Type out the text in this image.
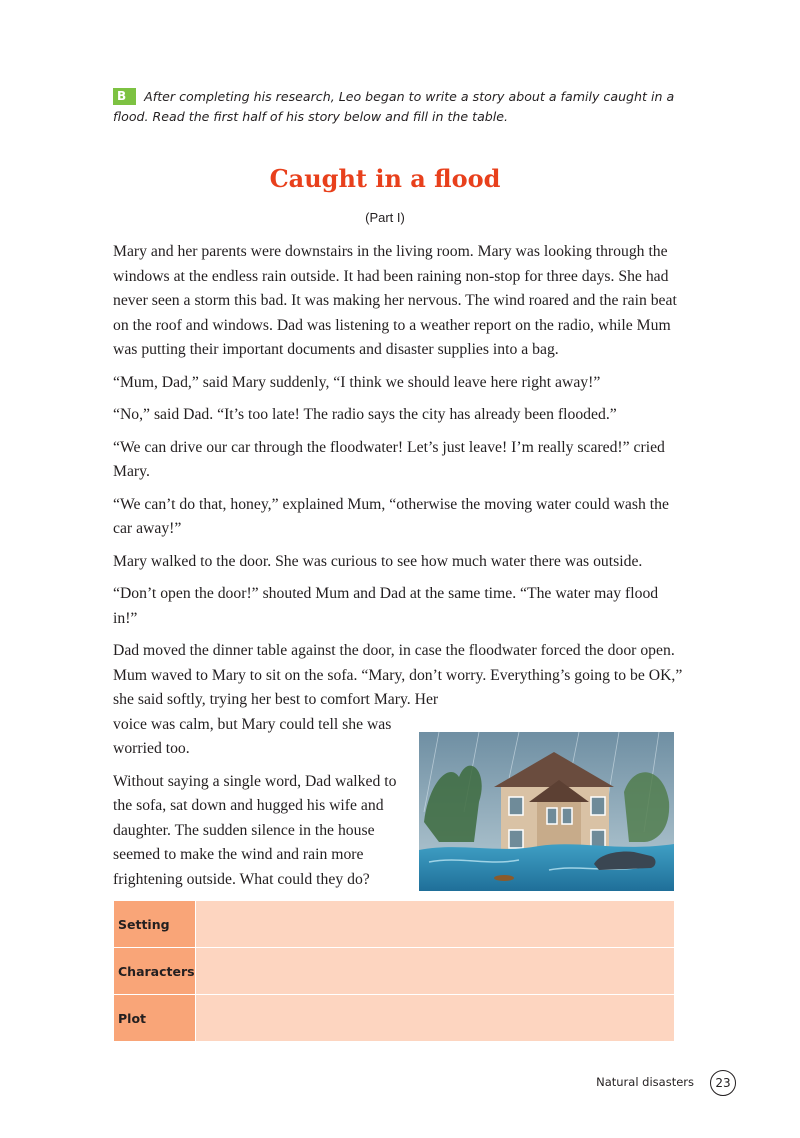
B After completing his research, Leo began to write a story about a family caught in a flood. Read the first half of his story below and fill in the table.
Caught in a flood
(Part I)

Mary and her parents were downstairs in the living room. Mary was looking through the windows at the endless rain outside. It had been raining non-stop for three days. She had never seen a storm this bad. It was making her nervous. The wind roared and the rain beat on the roof and windows. Dad was listening to a weather report on the radio, while Mum was putting their important documents and disaster supplies into a bag.

“Mum, Dad,” said Mary suddenly, “I think we should leave here right away!”

“No,” said Dad. “It’s too late! The radio says the city has already been flooded.”

“We can drive our car through the floodwater! Let’s just leave! I’m really scared!” cried Mary.

“We can’t do that, honey,” explained Mum, “otherwise the moving water could wash the car away!”

Mary walked to the door. She was curious to see how much water there was outside.

“Don’t open the door!” shouted Mum and Dad at the same time. “The water may flood in!”

Dad moved the dinner table against the door, in case the floodwater forced the door open. Mum waved to Mary to sit on the sofa. “Mary, don’t worry. Everything’s going to be OK,” she said softly, trying her best to comfort Mary. Her
voice was calm, but Mary could tell she was worried too.

Without saying a single word, Dad walked to the sofa, sat down and hugged his wife and daughter. The sudden silence in the house seemed to make the wind and rain more frightening outside. What could they do?

Setting	
Characters	
Plot	
Natural disasters	23
